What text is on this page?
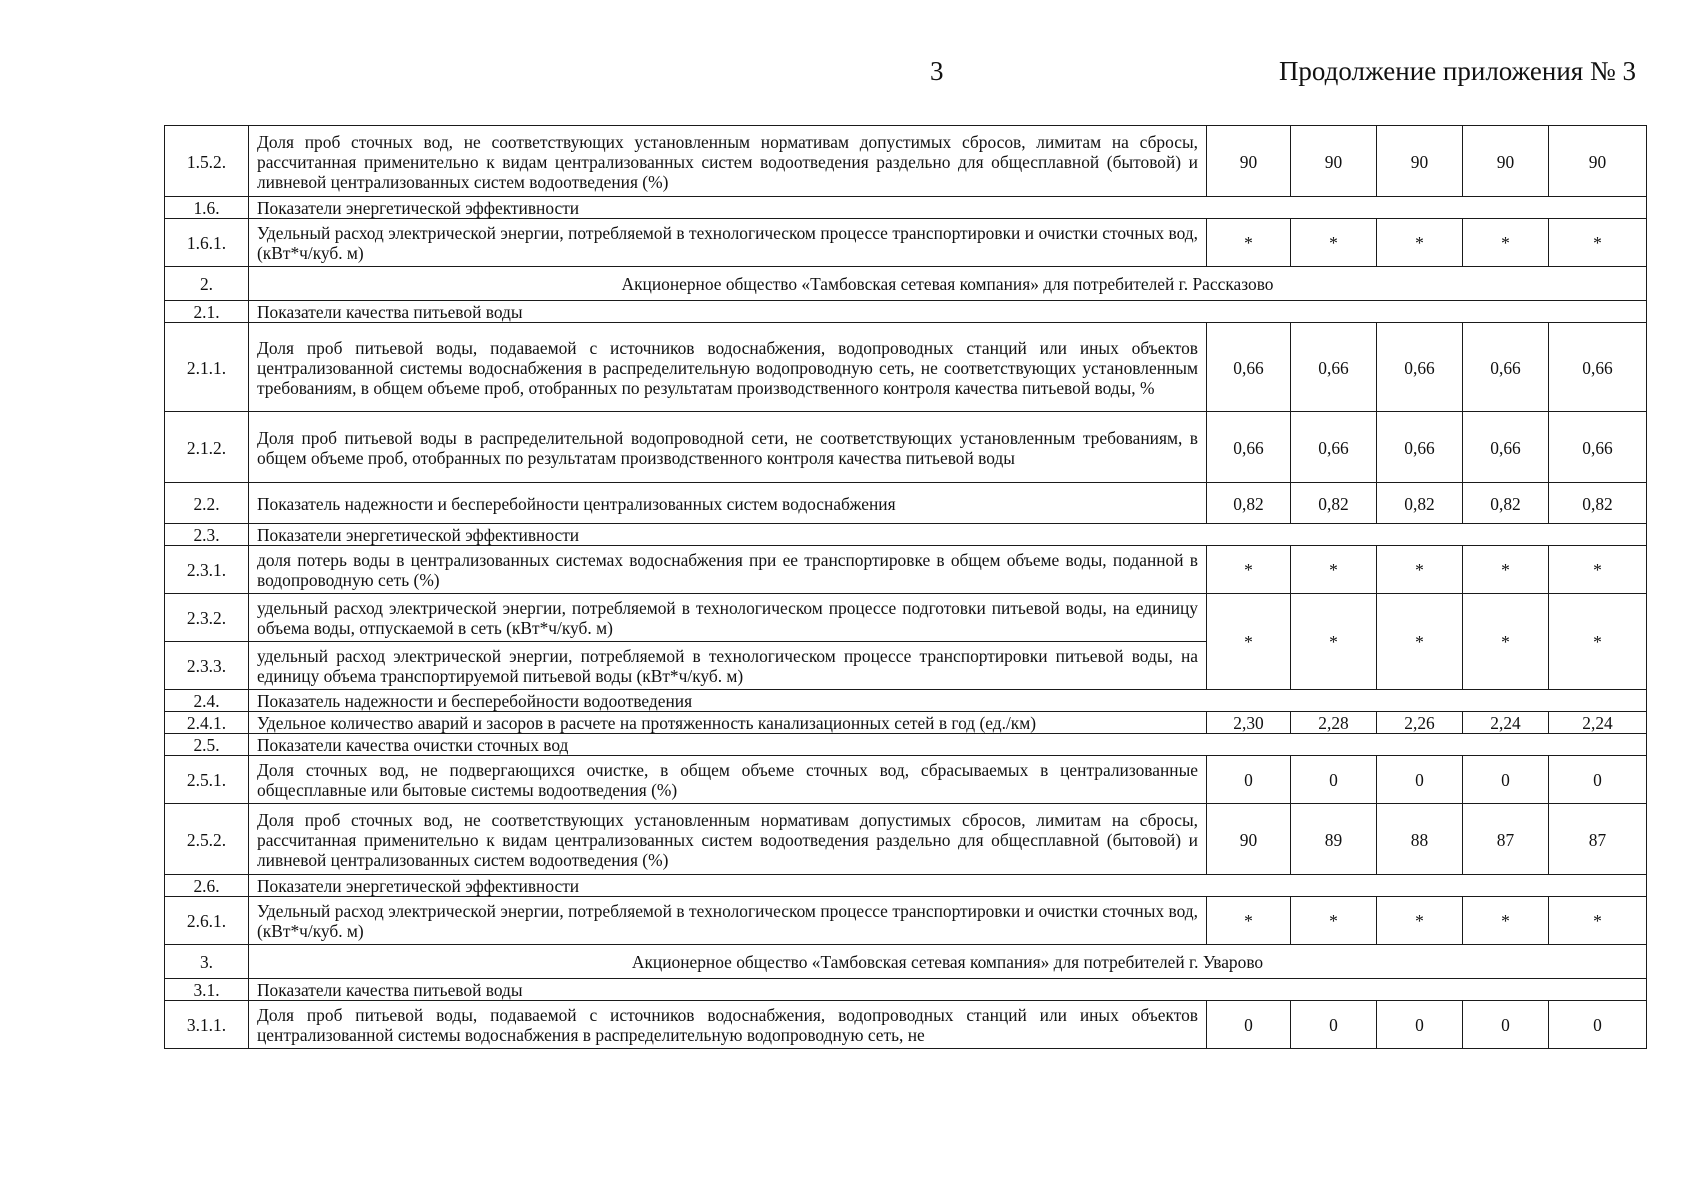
3	Продолжение приложения № 3
1.5.2.	Доля проб сточных вод, не соответствующих установленным нормативам допустимых сбросов, лимитам на сбросы, рассчитанная применительно к видам централизованных систем водоотведения раздельно для общесплавной (бытовой) и ливневой централизованных систем водоотведения (%)	90	90	90	90	90
1.6.	Показатели энергетической эффективности					
1.6.1.	Удельный расход электрической энергии, потребляемой в технологическом процессе транспортировки и очистки сточных вод, (кВт*ч/куб. м)	*	*	*	*	*
2.	Акционерное общество «Тамбовская сетевая компания» для потребителей г. Рассказово					
2.1.	Показатели качества питьевой воды					
2.1.1.	Доля проб питьевой воды, подаваемой с источников водоснабжения, водопроводных станций или иных объектов централизованной системы водоснабжения в распределительную водопроводную сеть, не соответствующих установленным требованиям, в общем объеме проб, отобранных по результатам производственного контроля качества питьевой воды, %	0,66	0,66	0,66	0,66	0,66
2.1.2.	Доля проб питьевой воды в распределительной водопроводной сети, не соответствующих установленным требованиям, в общем объеме проб, отобранных по результатам производственного контроля качества питьевой воды	0,66	0,66	0,66	0,66	0,66
2.2.	Показатель надежности и бесперебойности централизованных систем водоснабжения	0,82	0,82	0,82	0,82	0,82
2.3.	Показатели энергетической эффективности					
2.3.1.	доля потерь воды в централизованных системах водоснабжения при ее транспортировке в общем объеме воды, поданной в водопроводную сеть (%)	*	*	*	*	*
2.3.2.	удельный расход электрической энергии, потребляемой в технологическом процессе подготовки питьевой воды, на единицу объема воды, отпускаемой в сеть (кВт*ч/куб. м)	*	*	*	*	*
2.3.3.	удельный расход электрической энергии, потребляемой в технологическом процессе транспортировки питьевой воды, на единицу объема транспортируемой питьевой воды (кВт*ч/куб. м)					
2.4.	Показатель надежности и бесперебойности водоотведения					
2.4.1.	Удельное количество аварий и засоров в расчете на протяженность канализационных сетей в год (ед./км)	2,30	2,28	2,26	2,24	2,24
2.5.	Показатели качества очистки сточных вод					
2.5.1.	Доля сточных вод, не подвергающихся очистке, в общем объеме сточных вод, сбрасываемых в централизованные общесплавные или бытовые системы водоотведения (%)	0	0	0	0	0
2.5.2.	Доля проб сточных вод, не соответствующих установленным нормативам допустимых сбросов, лимитам на сбросы, рассчитанная применительно к видам централизованных систем водоотведения раздельно для общесплавной (бытовой) и ливневой централизованных систем водоотведения (%)	90	89	88	87	87
2.6.	Показатели энергетической эффективности					
2.6.1.	Удельный расход электрической энергии, потребляемой в технологическом процессе транспортировки и очистки сточных вод, (кВт*ч/куб. м)	*	*	*	*	*
3.	Акционерное общество «Тамбовская сетевая компания» для потребителей г. Уварово					
3.1.	Показатели качества питьевой воды					
3.1.1.	Доля проб питьевой воды, подаваемой с источников водоснабжения, водопроводных станций или иных объектов централизованной системы водоснабжения в распределительную водопроводную сеть, не	0	0	0	0	0
